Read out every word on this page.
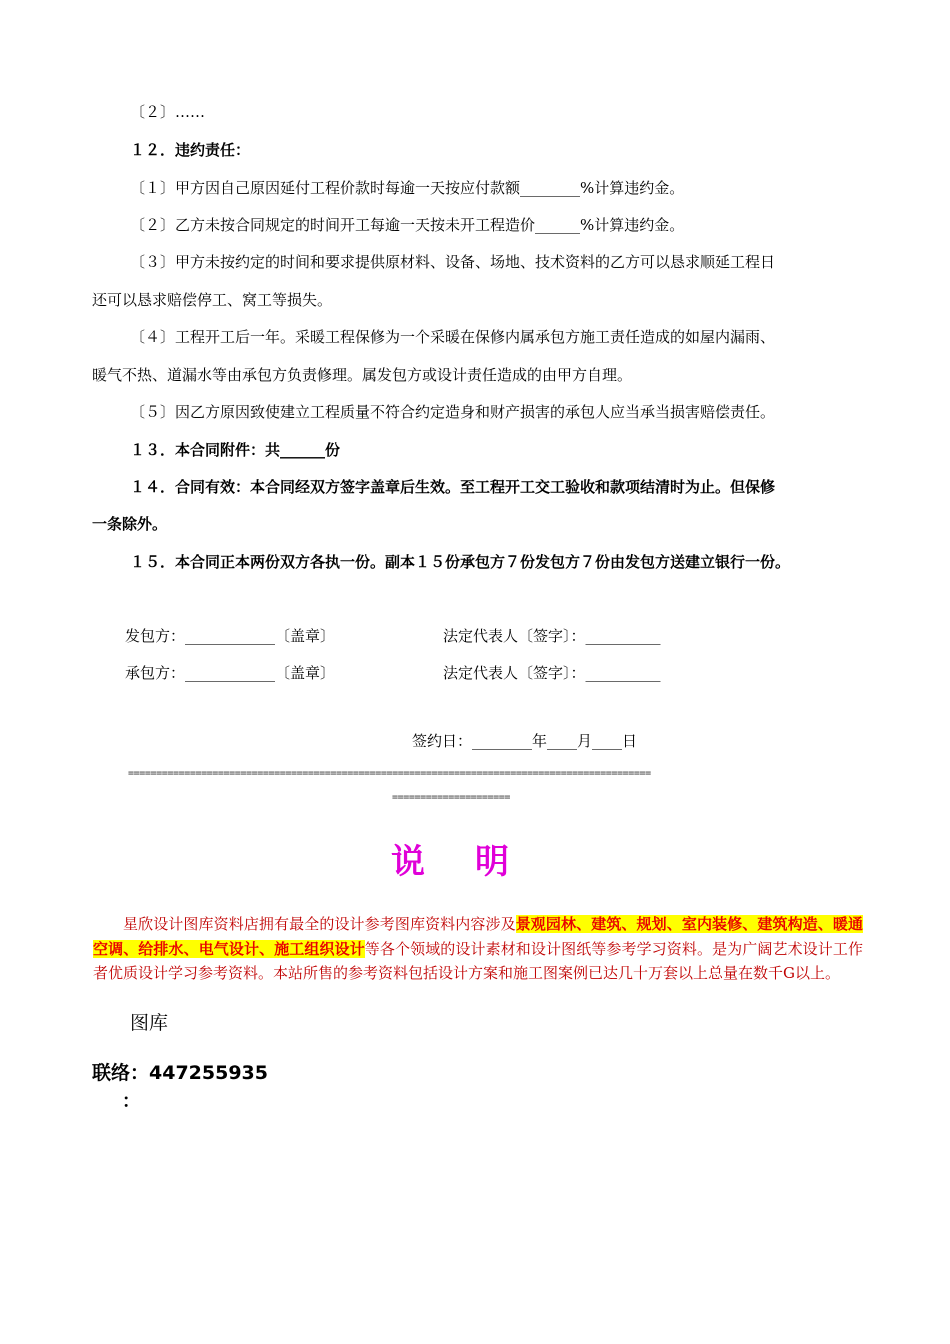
〔２〕……
１２．违约责任：
〔１〕甲方因自己原因延付工程价款时每逾一天按应付款额________%计算违约金。
〔２〕乙方未按合同规定的时间开工每逾一天按未开工程造价______%计算违约金。
〔３〕甲方未按约定的时间和要求提供原材料、设备、场地、技术资料的乙方可以恳求顺延工程日
还可以恳求赔偿停工、窝工等损失。
〔４〕工程开工后一年。采暖工程保修为一个采暖在保修内属承包方施工责任造成的如屋内漏雨、
暖气不热、道漏水等由承包方负责修理。属发包方或设计责任造成的由甲方自理。
〔５〕因乙方原因致使建立工程质量不符合约定造身和财产损害的承包人应当承当损害赔偿责任。
１３．本合同附件：共______份
１４．合同有效：本合同经双方签字盖章后生效。至工程开工交工验收和款项结清时为止。但保修
一条除外。
１５．本合同正本两份双方各执一份。副本１５份承包方７份发包方７份由发包方送建立银行一份。
发包方：____________〔盖章〕	法定代表人〔签字〕：__________
承包方：____________〔盖章〕	法定代表人〔签字〕：__________
签约日：________年____月____日
=============================================================================================
=====================
说明
星欣设计图库资料店拥有最全的设计参考图库资料内容涉及景观园林、建筑、规划、室内装修、建筑构造、暖通空调、给排水、电气设计、施工组织设计等各个领域的设计素材和设计图纸等参考学习资料。是为广阔艺术设计工作者优质设计学习参考资料。本站所售的参考资料包括设计方案和施工图案例已达几十万套以上总量在数千G以上。
图库
联络：447255935
：
